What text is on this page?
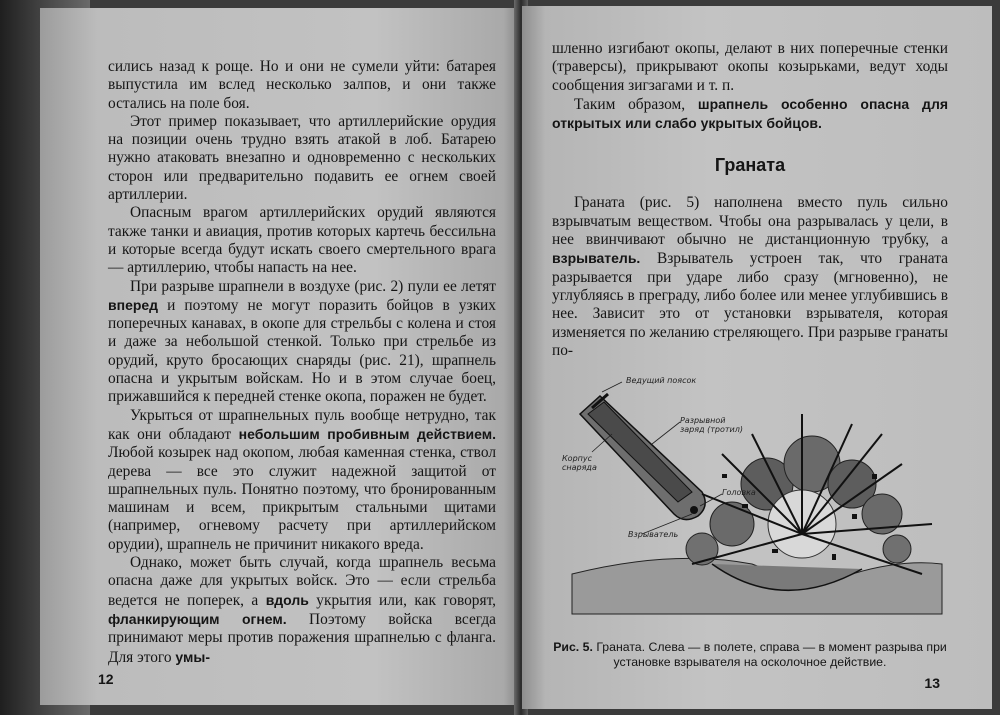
сились назад к роще. Но и они не сумели уйти: батарея выпустила им вслед несколько залпов, и они также остались на поле боя.

Этот пример показывает, что артиллерийские орудия на позиции очень трудно взять атакой в лоб. Батарею нужно атаковать внезапно и одновременно с нескольких сторон или предварительно подавить ее огнем своей артиллерии.

Опасным врагом артиллерийских орудий являются также танки и авиация, против которых картечь бессильна и которые всегда будут искать своего смертельного врага — артиллерию, чтобы напасть на нее.

При разрыве шрапнели в воздухе (рис. 2) пули ее летят вперед и поэтому не могут поразить бойцов в узких поперечных канавах, в окопе для стрельбы с колена и стоя и даже за небольшой стенкой. Только при стрельбе из орудий, круто бросающих снаряды (рис. 21), шрапнель опасна и укрытым войскам. Но и в этом случае боец, прижавшийся к передней стенке окопа, поражен не будет.

Укрыться от шрапнельных пуль вообще нетрудно, так как они обладают небольшим пробивным действием. Любой козырек над окопом, любая каменная стенка, ствол дерева — все это служит надежной защитой от шрапнельных пуль. Понятно поэтому, что бронированным машинам и всем, прикрытым стальными щитами (например, огневому расчету при артиллерийском орудии), шрапнель не причинит никакого вреда.

Однако, может быть случай, когда шрапнель весьма опасна даже для укрытых войск. Это — если стрельба ведется не поперек, а вдоль укрытия или, как говорят, фланкирующим огнем. Поэтому войска всегда принимают меры против поражения шрапнелью с фланга. Для этого умы-

12

шленно изгибают окопы, делают в них поперечные стенки (траверсы), прикрывают окопы козырьками, ведут ходы сообщения зигзагами и т. п.

Таким образом, шрапнель особенно опасна для открытых или слабо укрытых бойцов.

Граната

Граната (рис. 5) наполнена вместо пуль сильно взрывчатым веществом. Чтобы она разрывалась у цели, в нее ввинчивают обычно не дистанционную трубку, а взрыватель. Взрыватель устроен так, что граната разрывается при ударе либо сразу (мгновенно), не углубляясь в преграду, либо более или менее углубившись в нее. Зависит это от установки взрывателя, которая изменяется по желанию стреляющего. При разрыве гранаты по-

Ведущий поясок
Разрывной заряд (тротил)
Головка
Корпус снаряда
Взрыватель
Рис. 5. Граната. Слева — в полете, справа — в момент разрыва при установке взрывателя на осколочное действие.
13
